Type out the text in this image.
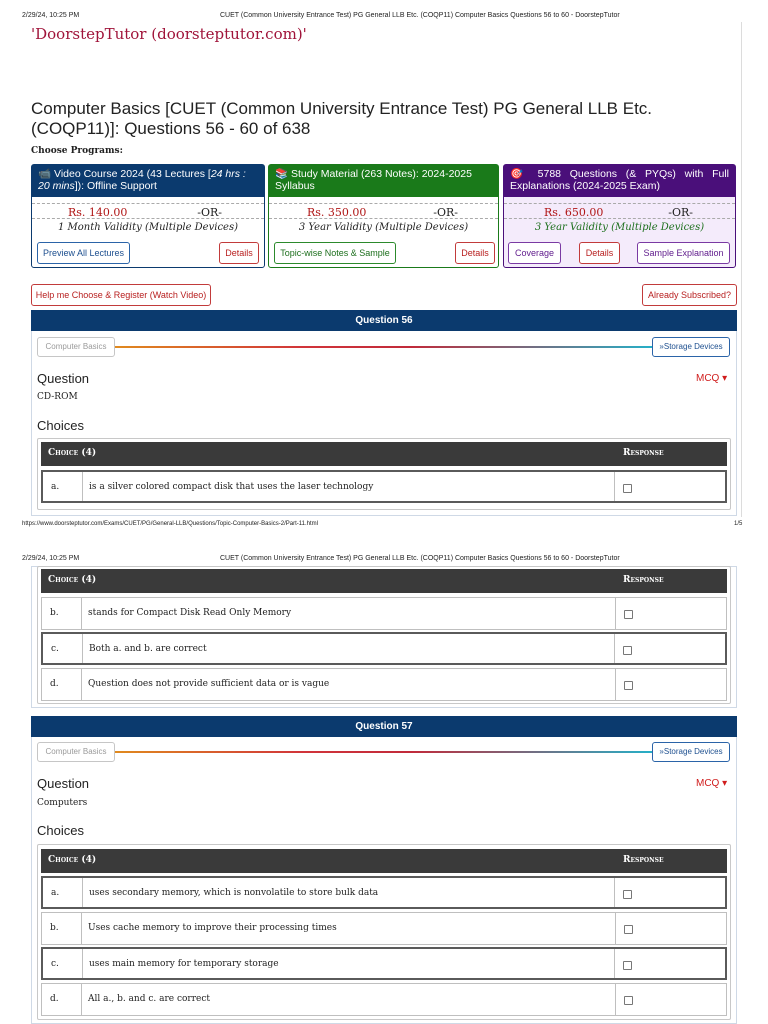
2/29/24, 10:25 PM	CUET (Common University Entrance Test) PG General LLB Etc. (COQP11) Computer Basics Questions 56 to 60 - DoorstepTutor
'DoorstepTutor (doorsteptutor.com)'
Computer Basics [CUET (Common University Entrance Test) PG General LLB Etc. (COQP11)]: Questions 56 - 60 of 638
Choose Programs:
📹 Video Course 2024 (43 Lectures [24 hrs : 20 mins]): Offline Support
Rs. 140.00	-OR-
1 Month Validity (Multiple Devices)
Preview All Lectures	Details
📚 Study Material (263 Notes): 2024-2025 Syllabus
Rs. 350.00	-OR-
3 Year Validity (Multiple Devices)
Topic-wise Notes & Sample	Details
🎯 5788 Questions (& PYQs) with Full Explanations (2024-2025 Exam)
Rs. 650.00	-OR-
3 Year Validity (Multiple Devices)
Coverage	Details	Sample Explanation
Help me Choose & Register (Watch Video)	Already Subscribed?
Question 56
Computer Basics	»Storage Devices
Question	MCQ ▾
CD-ROM
Choices
Choice (4)	Response
a.	is a silver colored compact disk that uses the laser technology
https://www.doorsteptutor.com/Exams/CUET/PG/General-LLB/Questions/Topic-Computer-Basics-2/Part-11.html	1/5
2/29/24, 10:25 PM	CUET (Common University Entrance Test) PG General LLB Etc. (COQP11) Computer Basics Questions 56 to 60 - DoorstepTutor
Choice (4)	Response
b.	stands for Compact Disk Read Only Memory
c.	Both a. and b. are correct
d.	Question does not provide sufficient data or is vague
Question 57
Computer Basics	»Storage Devices
Question	MCQ ▾
Computers
Choices
Choice (4)	Response
a.	uses secondary memory, which is nonvolatile to store bulk data
b.	Uses cache memory to improve their processing times
c.	uses main memory for temporary storage
d.	All a., b. and c. are correct
